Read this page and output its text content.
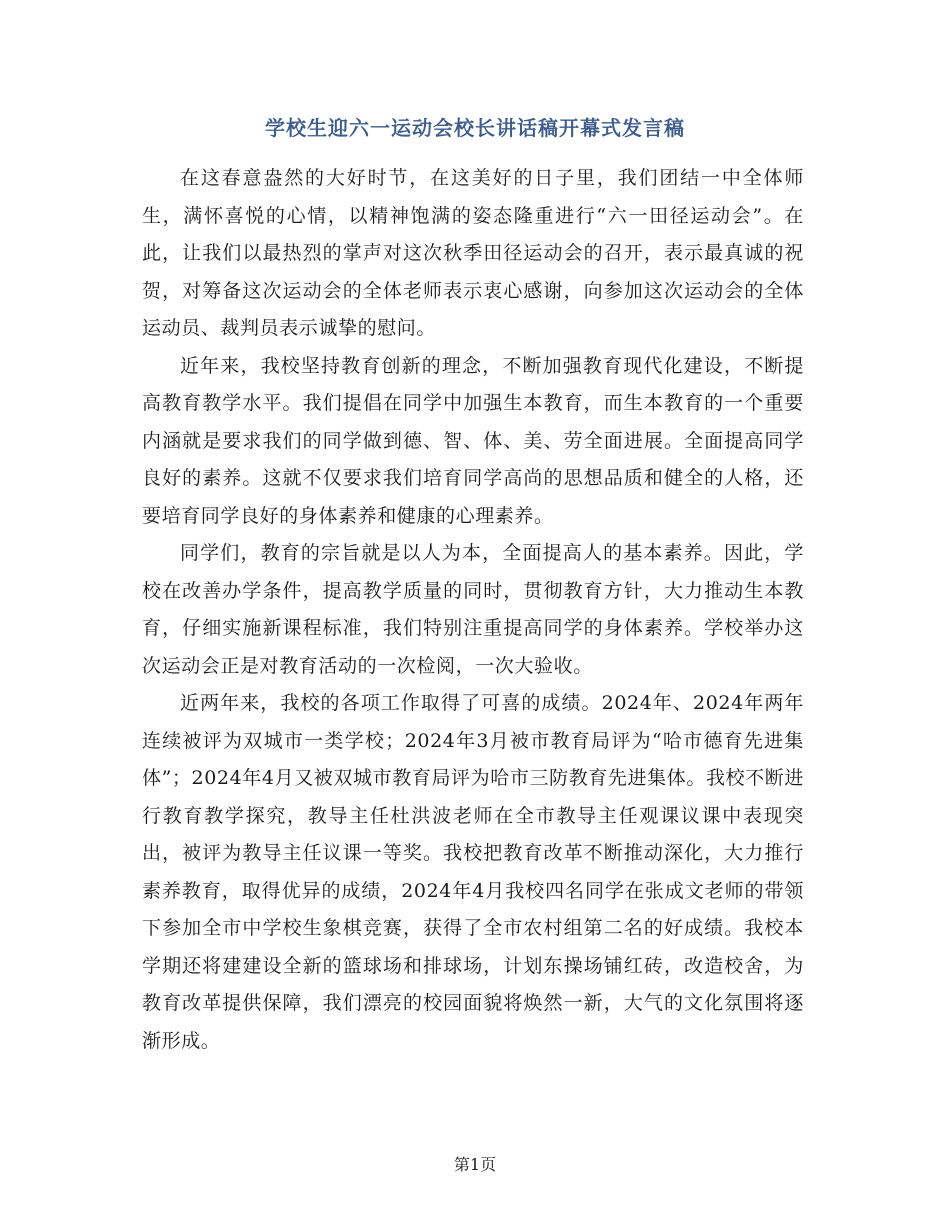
学校生迎六一运动会校长讲话稿开幕式发言稿

在这春意盎然的大好时节，在这美好的日子里，我们团结一中全体师生，满怀喜悦的心情，以精神饱满的姿态隆重进行“六一田径运动会”。在此，让我们以最热烈的掌声对这次秋季田径运动会的召开，表示最真诚的祝贺，对筹备这次运动会的全体老师表示衷心感谢，向参加这次运动会的全体运动员、裁判员表示诚挚的慰问。

近年来，我校坚持教育创新的理念，不断加强教育现代化建设，不断提高教育教学水平。我们提倡在同学中加强生本教育，而生本教育的一个重要内涵就是要求我们的同学做到德、智、体、美、劳全面进展。全面提高同学良好的素养。这就不仅要求我们培育同学高尚的思想品质和健全的人格，还要培育同学良好的身体素养和健康的心理素养。

同学们，教育的宗旨就是以人为本，全面提高人的基本素养。因此，学校在改善办学条件，提高教学质量的同时，贯彻教育方针，大力推动生本教育，仔细实施新课程标准，我们特别注重提高同学的身体素养。学校举办这次运动会正是对教育活动的一次检阅，一次大验收。

近两年来，我校的各项工作取得了可喜的成绩。2024年、2024年两年连续被评为双城市一类学校；2024年3月被市教育局评为“哈市德育先进集体”；2024年4月又被双城市教育局评为哈市三防教育先进集体。我校不断进行教育教学探究，教导主任杜洪波老师在全市教导主任观课议课中表现突出，被评为教导主任议课一等奖。我校把教育改革不断推动深化，大力推行素养教育，取得优异的成绩，2024年4月我校四名同学在张成文老师的带领下参加全市中学校生象棋竞赛，获得了全市农村组第二名的好成绩。我校本学期还将建建设全新的篮球场和排球场，计划东操场铺红砖，改造校舍，为教育改革提供保障，我们漂亮的校园面貌将焕然一新，大气的文化氛围将逐渐形成。

第1页
